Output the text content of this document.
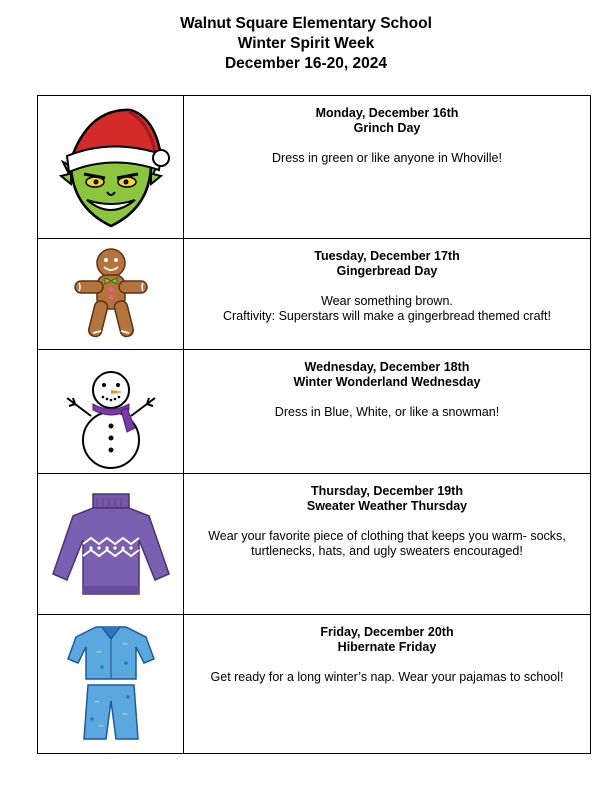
Walnut Square Elementary School
Winter Spirit Week
December 16-20, 2024

Monday, December 16th
Grinch Day
Dress in green or like anyone in Whoville!

Tuesday, December 17th
Gingerbread Day
Wear something brown.
Craftivity: Superstars will make a gingerbread themed craft!

Wednesday, December 18th
Winter Wonderland Wednesday
Dress in Blue, White, or like a snowman!

Thursday, December 19th
Sweater Weather Thursday
Wear your favorite piece of clothing that keeps you warm- socks, turtlenecks, hats, and ugly sweaters encouraged!

Friday, December 20th
Hibernate Friday
Get ready for a long winter’s nap. Wear your pajamas to school!
